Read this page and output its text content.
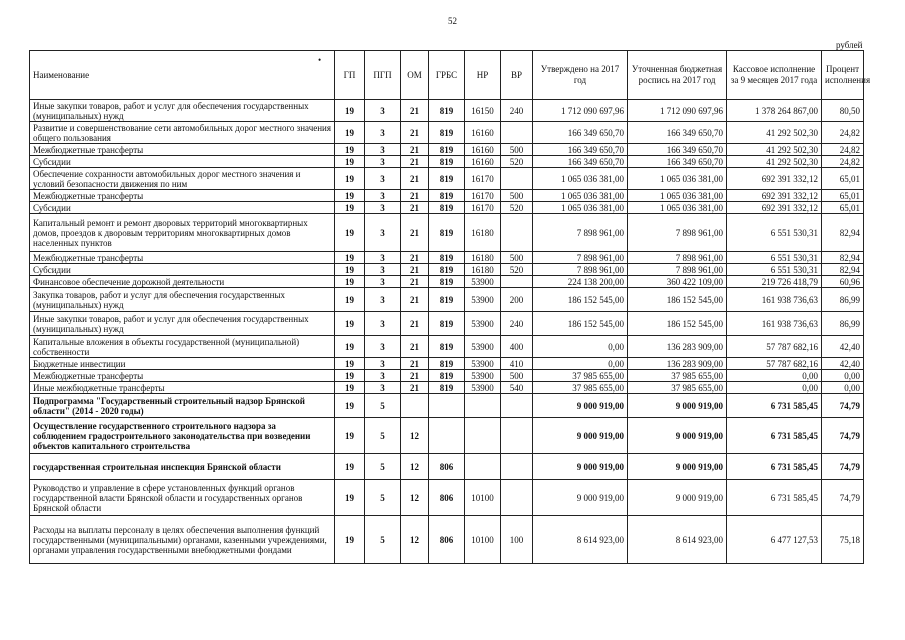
52
•
рублей
Наименование	ГП	ПГП	ОМ	ГРБС	НР	ВР	Утверждено на 2017 год	Уточненная бюджетная роспись на 2017 год	Кассовое исполнение за 9 месяцев 2017 года	Процент исполнения
Иные закупки товаров, работ и услуг для обеспечения государственных (муниципальных) нужд	19	3	21	819	16150	240	1 712 090 697,96	1 712 090 697,96	1 378 264 867,00	80,50
Развитие и совершенствование сети автомобильных дорог местного значения общего пользования	19	3	21	819	16160		166 349 650,70	166 349 650,70	41 292 502,30	24,82
Межбюджетные трансферты	19	3	21	819	16160	500	166 349 650,70	166 349 650,70	41 292 502,30	24,82
Субсидии	19	3	21	819	16160	520	166 349 650,70	166 349 650,70	41 292 502,30	24,82
Обеспечение сохранности автомобильных дорог местного значения и условий безопасности движения по ним	19	3	21	819	16170		1 065 036 381,00	1 065 036 381,00	692 391 332,12	65,01
Межбюджетные трансферты	19	3	21	819	16170	500	1 065 036 381,00	1 065 036 381,00	692 391 332,12	65,01
Субсидии	19	3	21	819	16170	520	1 065 036 381,00	1 065 036 381,00	692 391 332,12	65,01
Капитальный ремонт и ремонт дворовых территорий многоквартирных домов, проездов к дворовым территориям многоквартирных домов населенных пунктов	19	3	21	819	16180		7 898 961,00	7 898 961,00	6 551 530,31	82,94
Межбюджетные трансферты	19	3	21	819	16180	500	7 898 961,00	7 898 961,00	6 551 530,31	82,94
Субсидии	19	3	21	819	16180	520	7 898 961,00	7 898 961,00	6 551 530,31	82,94
Финансовое обеспечение дорожной деятельности	19	3	21	819	53900		224 138 200,00	360 422 109,00	219 726 418,79	60,96
Закупка товаров, работ и услуг для обеспечения государственных (муниципальных) нужд	19	3	21	819	53900	200	186 152 545,00	186 152 545,00	161 938 736,63	86,99
Иные закупки товаров, работ и услуг для обеспечения государственных (муниципальных) нужд	19	3	21	819	53900	240	186 152 545,00	186 152 545,00	161 938 736,63	86,99
Капитальные вложения в объекты государственной (муниципальной) собственности	19	3	21	819	53900	400	0,00	136 283 909,00	57 787 682,16	42,40
Бюджетные инвестиции	19	3	21	819	53900	410	0,00	136 283 909,00	57 787 682,16	42,40
Межбюджетные трансферты	19	3	21	819	53900	500	37 985 655,00	37 985 655,00	0,00	0,00
Иные межбюджетные трансферты	19	3	21	819	53900	540	37 985 655,00	37 985 655,00	0,00	0,00
Подпрограмма "Государственный строительный надзор Брянской области" (2014 - 2020 годы)	19	5					9 000 919,00	9 000 919,00	6 731 585,45	74,79
Осуществление государственного строительного надзора за соблюдением градостроительного законодательства при возведении объектов капитального строительства	19	5	12				9 000 919,00	9 000 919,00	6 731 585,45	74,79
государственная строительная инспекция Брянской области	19	5	12	806			9 000 919,00	9 000 919,00	6 731 585,45	74,79
Руководство и управление в сфере установленных функций органов государственной власти Брянской области и государственных органов Брянской области	19	5	12	806	10100		9 000 919,00	9 000 919,00	6 731 585,45	74,79
Расходы на выплаты персоналу в целях обеспечения выполнения функций государственными (муниципальными) органами, казенными учреждениями, органами управления государственными внебюджетными фондами	19	5	12	806	10100	100	8 614 923,00	8 614 923,00	6 477 127,53	75,18
